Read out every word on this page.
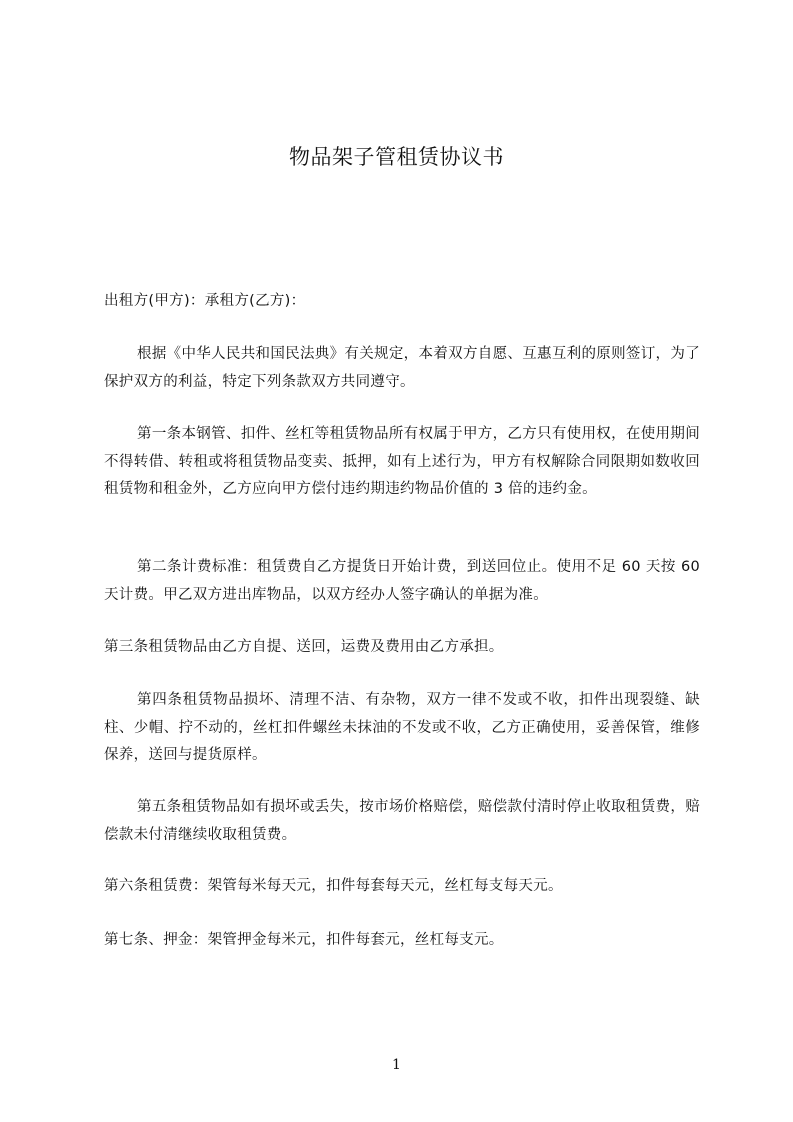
物品架子管租赁协议书
出租方(甲方)：承租方(乙方)：
根据《中华人民共和国民法典》有关规定，本着双方自愿、互惠互利的原则签订，为了保护双方的利益，特定下列条款双方共同遵守。
第一条本钢管、扣件、丝杠等租赁物品所有权属于甲方，乙方只有使用权，在使用期间不得转借、转租或将租赁物品变卖、抵押，如有上述行为，甲方有权解除合同限期如数收回租赁物和租金外，乙方应向甲方偿付违约期违约物品价值的 3 倍的违约金。
第二条计费标准：租赁费自乙方提货日开始计费，到送回位止。使用不足 60 天按 60 天计费。甲乙双方进出库物品，以双方经办人签字确认的单据为准。
第三条租赁物品由乙方自提、送回，运费及费用由乙方承担。
第四条租赁物品损坏、清理不洁、有杂物，双方一律不发或不收，扣件出现裂缝、缺柱、少帽、拧不动的，丝杠扣件螺丝未抹油的不发或不收，乙方正确使用，妥善保管，维修保养，送回与提货原样。
第五条租赁物品如有损坏或丢失，按市场价格赔偿，赔偿款付清时停止收取租赁费，赔偿款未付清继续收取租赁费。
第六条租赁费：架管每米每天元，扣件每套每天元，丝杠每支每天元。
第七条、押金：架管押金每米元，扣件每套元，丝杠每支元。
1
